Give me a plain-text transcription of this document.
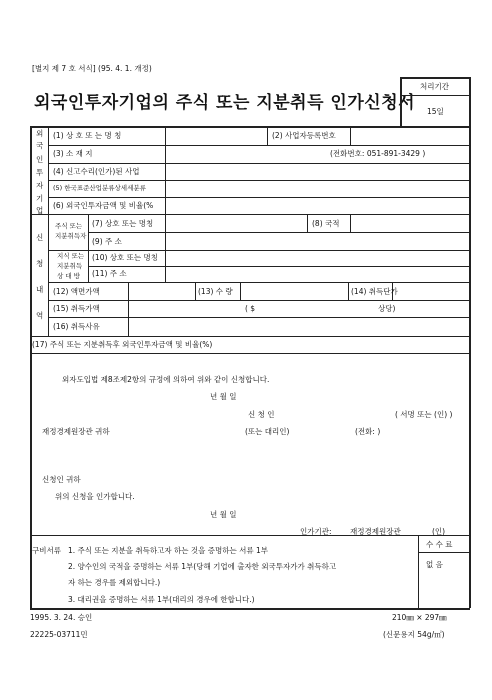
[별지 제 7 호 서식] (95. 4. 1. 개정)
외국인투자기업의 주식 또는 지분취득 인가신청서
처리기간
15일
외
국
인
투
자
기
업
신
청
내
역
(1) 상 호 또 는 명 칭	(2) 사업자등록번호
(3) 소 재 지	(전화번호: 051-891-3429 )
(4) 신고수리(인가)된 사업
(5) 한국표준산업분류상세세분류
(6) 외국인투자금액 및 비율(%
주식 또는
지분취득자
(7) 상호 또는 명칭	(8) 국적
(9) 주 소
지식 또는
지분취득
상 대 방
(10) 상호 또는 명칭
(11) 주 소
(12) 액면가액	(13) 수 량	(14) 취득단가
(15) 취득가액	( $	상당)
(16) 취득사유
(17) 주식 또는 지분취득후 외국인투자금액 및 비율(%)
외자도입법 제8조제2항의 규정에 의하여 위와 같이 신청합니다.
년 월 일
신 청 인	( 서명 또는 (인) )
재정경제원장관 귀하	(또는 대리인)	(전화: )
신청인 귀하
위의 신청을 인가합니다.
년 월 일
인가기관: 재정경제원장관	(인)
구비서류 1. 주식 또는 지분을 취득하고자 하는 것을 증명하는 서류 1부
2. 양수인의 국적을 증명하는 서류 1부(당해 기업에 출자한 외국투자가가 취득하고
자 하는 경우를 제외합니다.)
3. 대리권을 증명하는 서류 1부(대리의 경우에 한합니다.)
수 수 료
없 음
1995. 3. 24. 승인
22225-03711민
210㎜ × 297㎜
(신문용지 54g/㎡)
